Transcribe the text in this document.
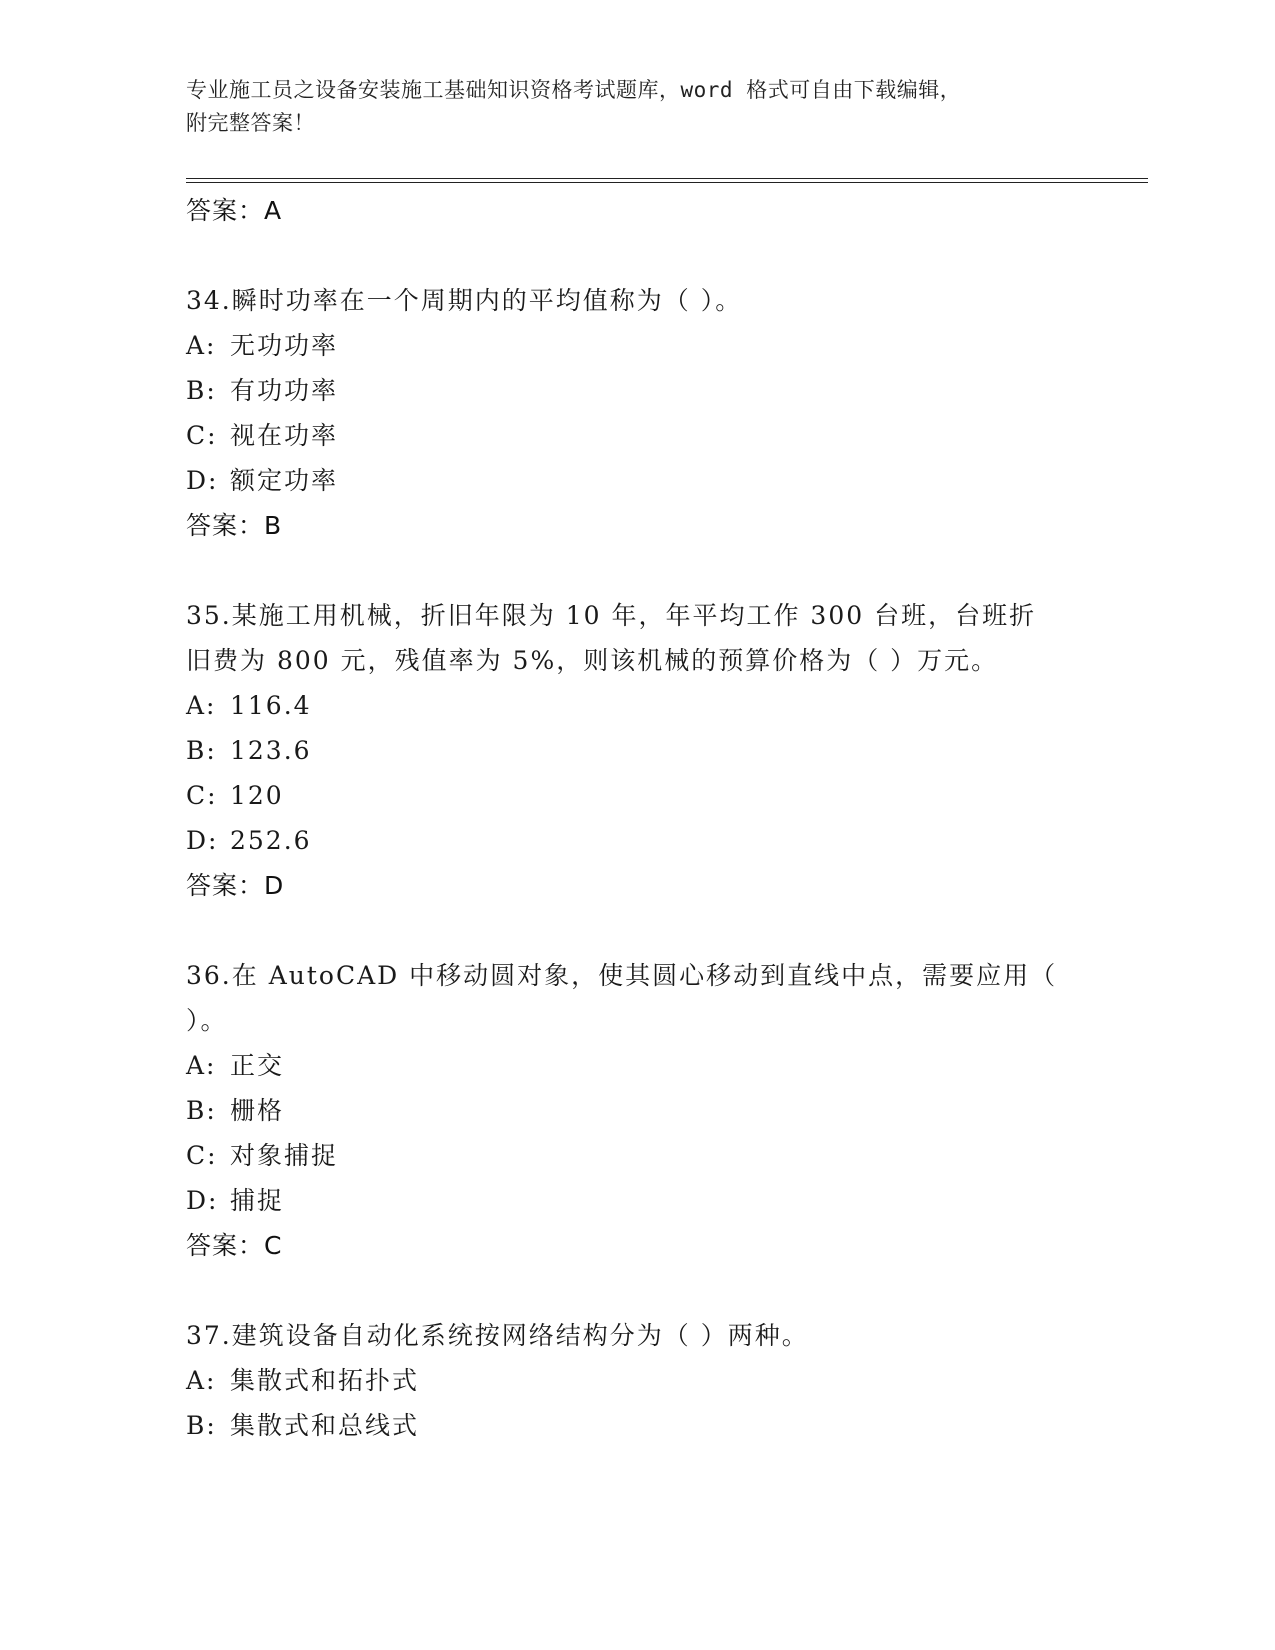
专业施工员之设备安装施工基础知识资格考试题库，word 格式可自由下载编辑，
附完整答案！
答案：A
34.瞬时功率在一个周期内的平均值称为（ ）。
A: 无功功率
B: 有功功率
C: 视在功率
D: 额定功率
答案：B
35.某施工用机械，折旧年限为 10 年，年平均工作 300 台班，台班折
旧费为 800 元，残值率为 5%，则该机械的预算价格为（ ）万元。
A: 116.4
B: 123.6
C: 120
D: 252.6
答案：D
36.在 AutoCAD 中移动圆对象，使其圆心移动到直线中点，需要应用（
）。
A: 正交
B: 栅格
C: 对象捕捉
D: 捕捉
答案：C
37.建筑设备自动化系统按网络结构分为（ ）两种。
A: 集散式和拓扑式
B: 集散式和总线式
